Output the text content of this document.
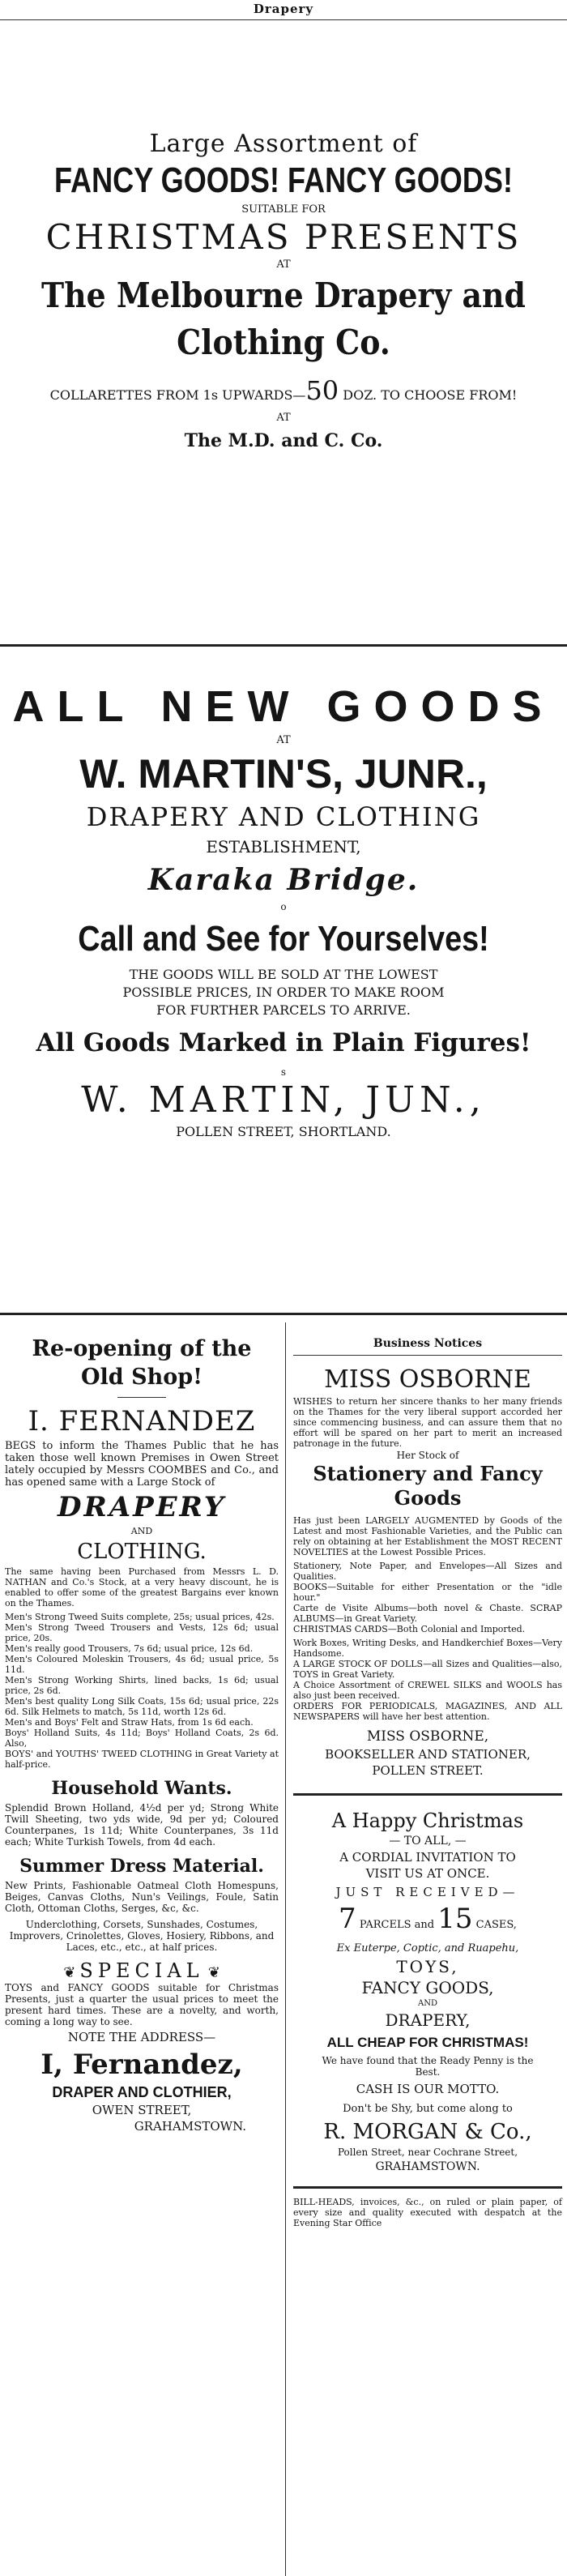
Drapery
Large Assortment of
FANCY GOODS! FANCY GOODS!
SUITABLE FOR
CHRISTMAS PRESENTS
AT
The Melbourne Drapery and
Clothing Co.
COLLARETTES FROM 1s UPWARDS—50 DOZ. TO CHOOSE FROM!
AT
The M.D. and C. Co.
ALL NEW GOODS
AT
W. MARTIN'S, JUNR.,
DRAPERY AND CLOTHING
ESTABLISHMENT,
Karaka Bridge.
o
Call and See for Yourselves!
THE GOODS WILL BE SOLD AT THE LOWEST
POSSIBLE PRICES, IN ORDER TO MAKE ROOM
FOR FURTHER PARCELS TO ARRIVE.
All Goods Marked in Plain Figures!
s
W. MARTIN, JUN.,
POLLEN STREET, SHORTLAND.
Re-opening of the
Old Shop!
I. FERNANDEZ

BEGS to inform the Thames Public that he has taken those well known Premises in Owen Street lately occupied by Messrs COOMBES and Co., and has opened same with a Large Stock of

DRAPERY
AND
CLOTHING.

The same having been Purchased from Messrs L. D. NATHAN and Co.'s Stock, at a very heavy discount, he is enabled to offer some of the greatest Bargains ever known on the Thames.

Men's Strong Tweed Suits complete, 25s; usual prices, 42s.

Men's Strong Tweed Trousers and Vests, 12s 6d; usual price, 20s.

Men's really good Trousers, 7s 6d; usual price, 12s 6d.

Men's Coloured Moleskin Trousers, 4s 6d; usual price, 5s 11d.

Men's Strong Working Shirts, lined backs, 1s 6d; usual price, 2s 6d.

Men's best quality Long Silk Coats, 15s 6d; usual price, 22s 6d. Silk Helmets to match, 5s 11d, worth 12s 6d.

Men's and Boys' Felt and Straw Hats, from 1s 6d each.

Boys' Holland Suits, 4s 11d; Boys' Holland Coats, 2s 6d. Also,

BOYS' and YOUTHS' TWEED CLOTHING in Great Variety at half-price.

Household Wants.

Splendid Brown Holland, 4½d per yd; Strong White Twill Sheeting, two yds wide, 9d per yd; Coloured Counterpanes, 1s 11d; White Counterpanes, 3s 11d each; White Turkish Towels, from 4d each.

Summer Dress Material.

New Prints, Fashionable Oatmeal Cloth Homespuns, Beiges, Canvas Cloths, Nun's Veilings, Foule, Satin Cloth, Ottoman Cloths, Serges, &c, &c.

Underclothing, Corsets, Sunshades, Costumes, Improvers, Crinolettes, Gloves, Hosiery, Ribbons, and Laces, etc., etc., at half prices.

❦ SPECIAL ❦

TOYS and FANCY GOODS suitable for Christmas Presents, just a quarter the usual prices to meet the present hard times. These are a novelty, and worth, coming a long way to see.

NOTE THE ADDRESS—
I, Fernandez,
DRAPER AND CLOTHIER,
OWEN STREET,
GRAHAMSTOWN.
Business Notices
MISS OSBORNE

WISHES to return her sincere thanks to her many friends on the Thames for the very liberal support accorded her since commencing business, and can assure them that no effort will be spared on her part to merit an increased patronage in the future.

Her Stock of
Stationery and Fancy Goods

Has just been LARGELY AUGMENTED by Goods of the Latest and most Fashionable Varieties, and the Public can rely on obtaining at her Establishment the MOST RECENT NOVELTIES at the Lowest Possible Prices.

Stationery, Note Paper, and Envelopes—All Sizes and Qualities.

BOOKS—Suitable for either Presentation or the "idle hour."

Carte de Visite Albums—both novel & Chaste. SCRAP ALBUMS—in Great Variety.

CHRISTMAS CARDS—Both Colonial and Imported.

Work Boxes, Writing Desks, and Handkerchief Boxes—Very Handsome.

A LARGE STOCK OF DOLLS—all Sizes and Qualities—also, TOYS in Great Variety.

A Choice Assortment of CREWEL SILKS and WOOLS has also just been received.

ORDERS FOR PERIODICALS, MAGAZINES, AND ALL NEWSPAPERS will have her best attention.

MISS OSBORNE,
BOOKSELLER AND STATIONER,
POLLEN STREET.
A Happy Christmas
— TO ALL, —
A CORDIAL INVITATION TO
VISIT US AT ONCE.
JUST RECEIVED—
7 PARCELS and 15 CASES,
Ex Euterpe, Coptic, and Ruapehu,
TOYS,
FANCY GOODS,
AND
DRAPERY,
ALL CHEAP FOR CHRISTMAS!

We have found that the Ready Penny is the Best.

CASH IS OUR MOTTO.
Don't be Shy, but come along to
R. MORGAN & Co.,
Pollen Street, near Cochrane Street,
GRAHAMSTOWN.

BILL-HEADS, invoices, &c., on ruled or plain paper, of every size and quality executed with despatch at the Evening Star Office
